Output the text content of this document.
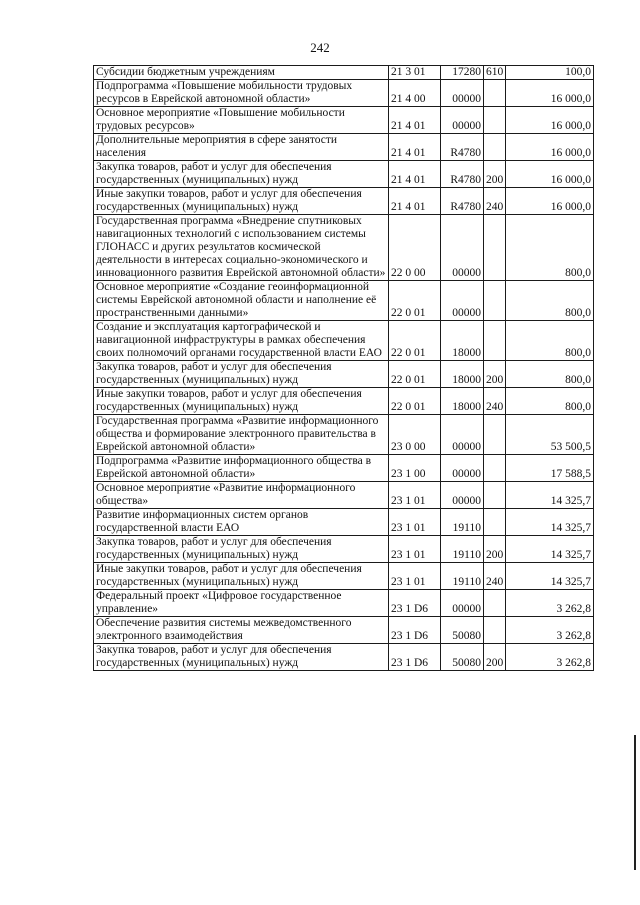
242
Субсидии бюджетным учреждениям	21 3 01	17280	610	100,0
Подпрограмма «Повышение мобильности трудовых ресурсов в Еврейской автономной области»	21 4 00	00000		16 000,0
Основное мероприятие «Повышение мобильности трудовых ресурсов»	21 4 01	00000		16 000,0
Дополнительные мероприятия в сфере занятости населения	21 4 01	R4780		16 000,0
Закупка товаров, работ и услуг для обеспечения государственных (муниципальных) нужд	21 4 01	R4780	200	16 000,0
Иные закупки товаров, работ и услуг для обеспечения государственных (муниципальных) нужд	21 4 01	R4780	240	16 000,0
Государственная программа «Внедрение спутниковых навигационных технологий с использованием системы ГЛОНАСС и других результатов космической деятельности в интересах социально-экономического и инновационного развития Еврейской автономной области»	22 0 00	00000		800,0
Основное мероприятие «Создание геоинформационной системы Еврейской автономной области и наполнение её пространственными данными»	22 0 01	00000		800,0
Создание и эксплуатация картографической и навигационной инфраструктуры в рамках обеспечения своих полномочий органами государственной власти ЕАО	22 0 01	18000		800,0
Закупка товаров, работ и услуг для обеспечения государственных (муниципальных) нужд	22 0 01	18000	200	800,0
Иные закупки товаров, работ и услуг для обеспечения государственных (муниципальных) нужд	22 0 01	18000	240	800,0
Государственная программа «Развитие информационного общества и формирование электронного правительства в Еврейской автономной области»	23 0 00	00000		53 500,5
Подпрограмма «Развитие информационного общества в Еврейской автономной области»	23 1 00	00000		17 588,5
Основное мероприятие «Развитие информационного общества»	23 1 01	00000		14 325,7
Развитие информационных систем органов государственной власти ЕАО	23 1 01	19110		14 325,7
Закупка товаров, работ и услуг для обеспечения государственных (муниципальных) нужд	23 1 01	19110	200	14 325,7
Иные закупки товаров, работ и услуг для обеспечения государственных (муниципальных) нужд	23 1 01	19110	240	14 325,7
Федеральный проект «Цифровое государственное управление»	23 1 D6	00000		3 262,8
Обеспечение развития системы межведомственного электронного взаимодействия	23 1 D6	50080		3 262,8
Закупка товаров, работ и услуг для обеспечения государственных (муниципальных) нужд	23 1 D6	50080	200	3 262,8
